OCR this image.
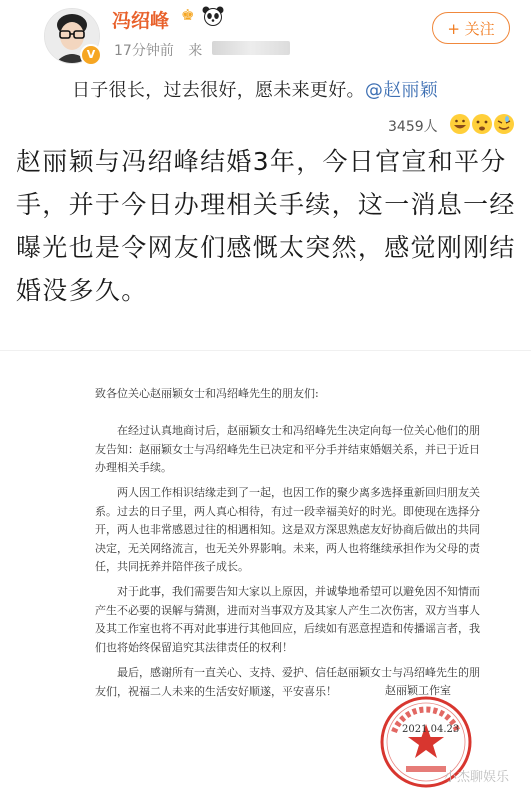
V
冯绍峰 ♚
17分钟前 来
+ 关注
日子很长，过去很好，愿未来更好。@赵丽颖
3459人
赵丽颖与冯绍峰结婚3年，今日官宣和平分手，并于今日办理相关手续，这一消息一经曝光也是令网友们感慨太突然，感觉刚刚结婚没多久。
致各位关心赵丽颖女士和冯绍峰先生的朋友们:
在经过认真地商讨后，赵丽颖女士和冯绍峰先生决定向每一位关心他们的朋
友告知：赵丽颖女士与冯绍峰先生已决定和平分手并结束婚姻关系，并已于近日
办理相关手续。
两人因工作相识结缘走到了一起，也因工作的聚少离多选择重新回归朋友关
系。过去的日子里，两人真心相待，有过一段幸福美好的时光。即使现在选择分
开，两人也非常感恩过往的相遇相知。这是双方深思熟虑友好协商后做出的共同
决定，无关网络流言，也无关外界影响。未来，两人也将继续承担作为父母的责
任，共同抚养并陪伴孩子成长。
对于此事，我们需要告知大家以上原因，并诚挚地希望可以避免因不知情而
产生不必要的误解与猜测，进而对当事双方及其家人产生二次伤害，双方当事人
及其工作室也将不再对此事进行其他回应，后续如有恶意捏造和传播谣言者，我
们也将始终保留追究其法律责任的权利！
最后，感谢所有一直关心、支持、爱护、信任赵丽颖女士与冯绍峰先生的朋
友们，祝福二人未来的生活安好顺遂，平安喜乐！	赵丽颖工作室
2021.04.23
小杰聊娱乐
